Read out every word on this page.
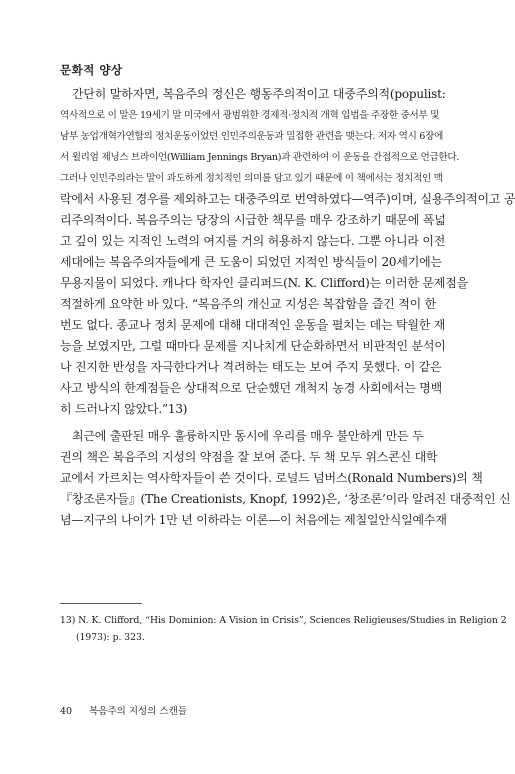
문화적 양상
간단히 말하자면, 복음주의 정신은 행동주의적이고 대중주의적(populist:
역사적으로 이 말은 19세기 말 미국에서 광범위한 경제적·정치적 개혁 입법을 주장한 중서부 및
남부 농업개혁가연합의 정치운동이었던 인민주의운동과 밀접한 관련을 맺는다. 저자 역시 6장에
서 윌리엄 제닝스 브라이언(William Jennings Bryan)과 관련하여 이 운동을 간접적으로 언급한다.
그러나 인민주의라는 말이 과도하게 정치적인 의미를 담고 있기 때문에 이 책에서는 정치적인 맥
락에서 사용된 경우를 제외하고는 대중주의로 번역하였다—역주)이며, 실용주의적이고 공
리주의적이다. 복음주의는 당장의 시급한 책무를 매우 강조하기 때문에 폭넓
고 깊이 있는 지적인 노력의 여지를 거의 허용하지 않는다. 그뿐 아니라 이전
세대에는 복음주의자들에게 큰 도움이 되었던 지적인 방식들이 20세기에는
무용지물이 되었다. 캐나다 학자인 클리퍼드(N. K. Clifford)는 이러한 문제점을
적절하게 요약한 바 있다. “복음주의 개신교 지성은 복잡함을 즐긴 적이 한
번도 없다. 종교나 정치 문제에 대해 대대적인 운동을 펼치는 데는 탁월한 재
능을 보였지만, 그럴 때마다 문제를 지나치게 단순화하면서 비판적인 분석이
나 진지한 반성을 자극한다거나 격려하는 태도는 보여 주지 못했다. 이 같은
사고 방식의 한계점들은 상대적으로 단순했던 개척지 농경 사회에서는 명백
히 드러나지 않았다.”13)
최근에 출판된 매우 훌륭하지만 동시에 우리를 매우 불안하게 만든 두
권의 책은 복음주의 지성의 약점을 잘 보여 준다. 두 책 모두 위스콘신 대학
교에서 가르치는 역사학자들이 쓴 것이다. 로널드 넘버스(Ronald Numbers)의 책
『창조론자들』(The Creationists, Knopf, 1992)은, ‘창조론’이라 알려진 대중적인 신
념—지구의 나이가 1만 년 이하라는 이론—이 처음에는 제칠일안식일예수재
13) N. K. Clifford, “His Dominion: A Vision in Crisis”, Sciences Religieuses/Studies in Religion 2
(1973): p. 323.
40 복음주의 지성의 스캔들
